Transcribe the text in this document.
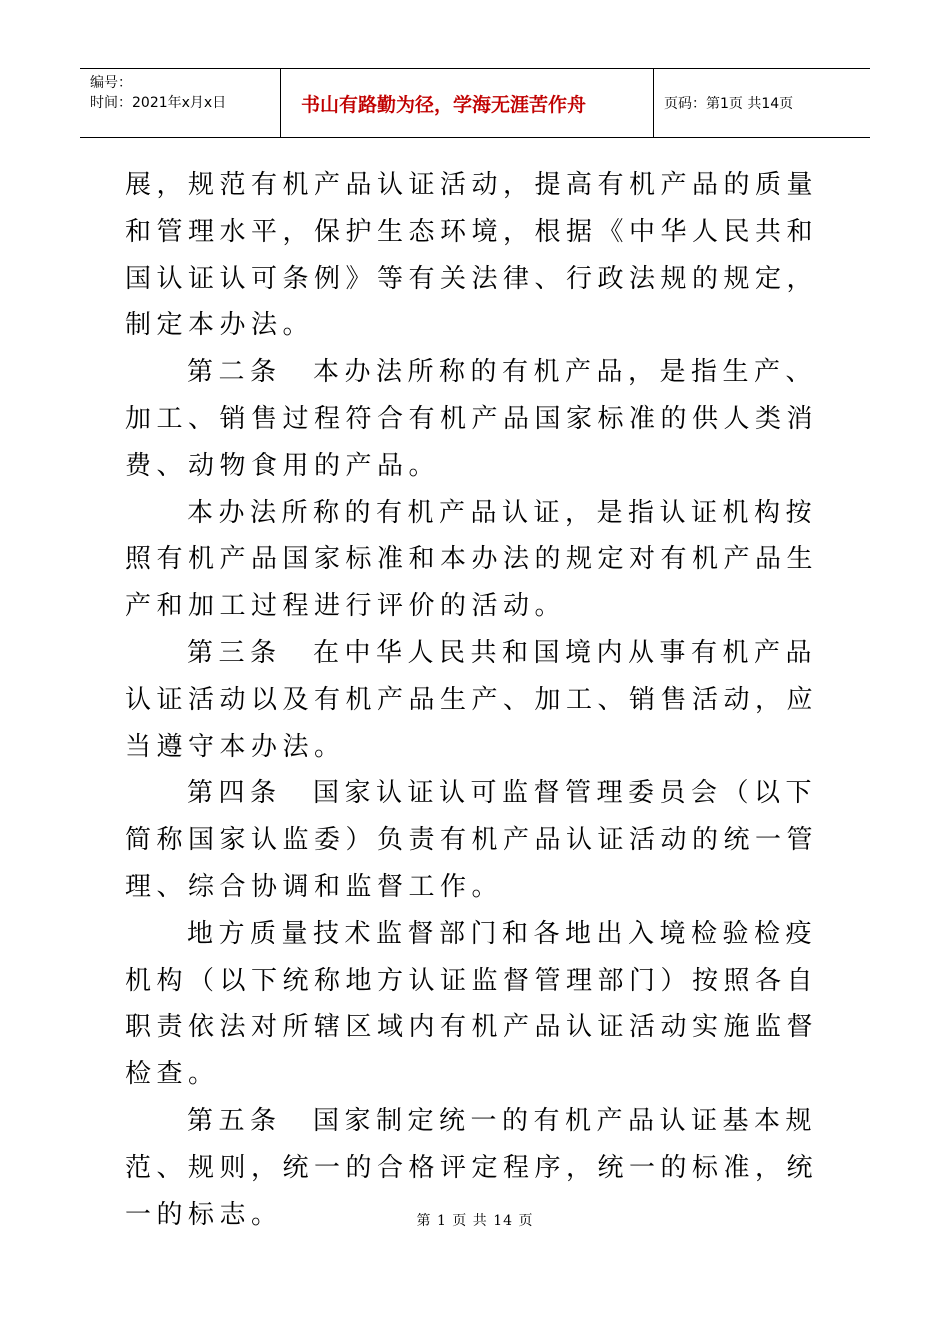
编号：
时间：2021年x月x日	书山有路勤为径，学海无涯苦作舟	页码：第1页 共14页

展，规范有机产品认证活动，提高有机产品的质量和管理水平，保护生态环境，根据《中华人民共和国认证认可条例》等有关法律、行政法规的规定，制定本办法。

第二条　本办法所称的有机产品，是指生产、加工、销售过程符合有机产品国家标准的供人类消费、动物食用的产品。

本办法所称的有机产品认证，是指认证机构按照有机产品国家标准和本办法的规定对有机产品生产和加工过程进行评价的活动。

第三条　在中华人民共和国境内从事有机产品认证活动以及有机产品生产、加工、销售活动，应当遵守本办法。

第四条　国家认证认可监督管理委员会（以下简称国家认监委）负责有机产品认证活动的统一管理、综合协调和监督工作。

地方质量技术监督部门和各地出入境检验检疫机构（以下统称地方认证监督管理部门）按照各自职责依法对所辖区域内有机产品认证活动实施监督检查。

第五条　国家制定统一的有机产品认证基本规范、规则，统一的合格评定程序，统一的标准，统一的标志。	第 1 页 共 14 页
